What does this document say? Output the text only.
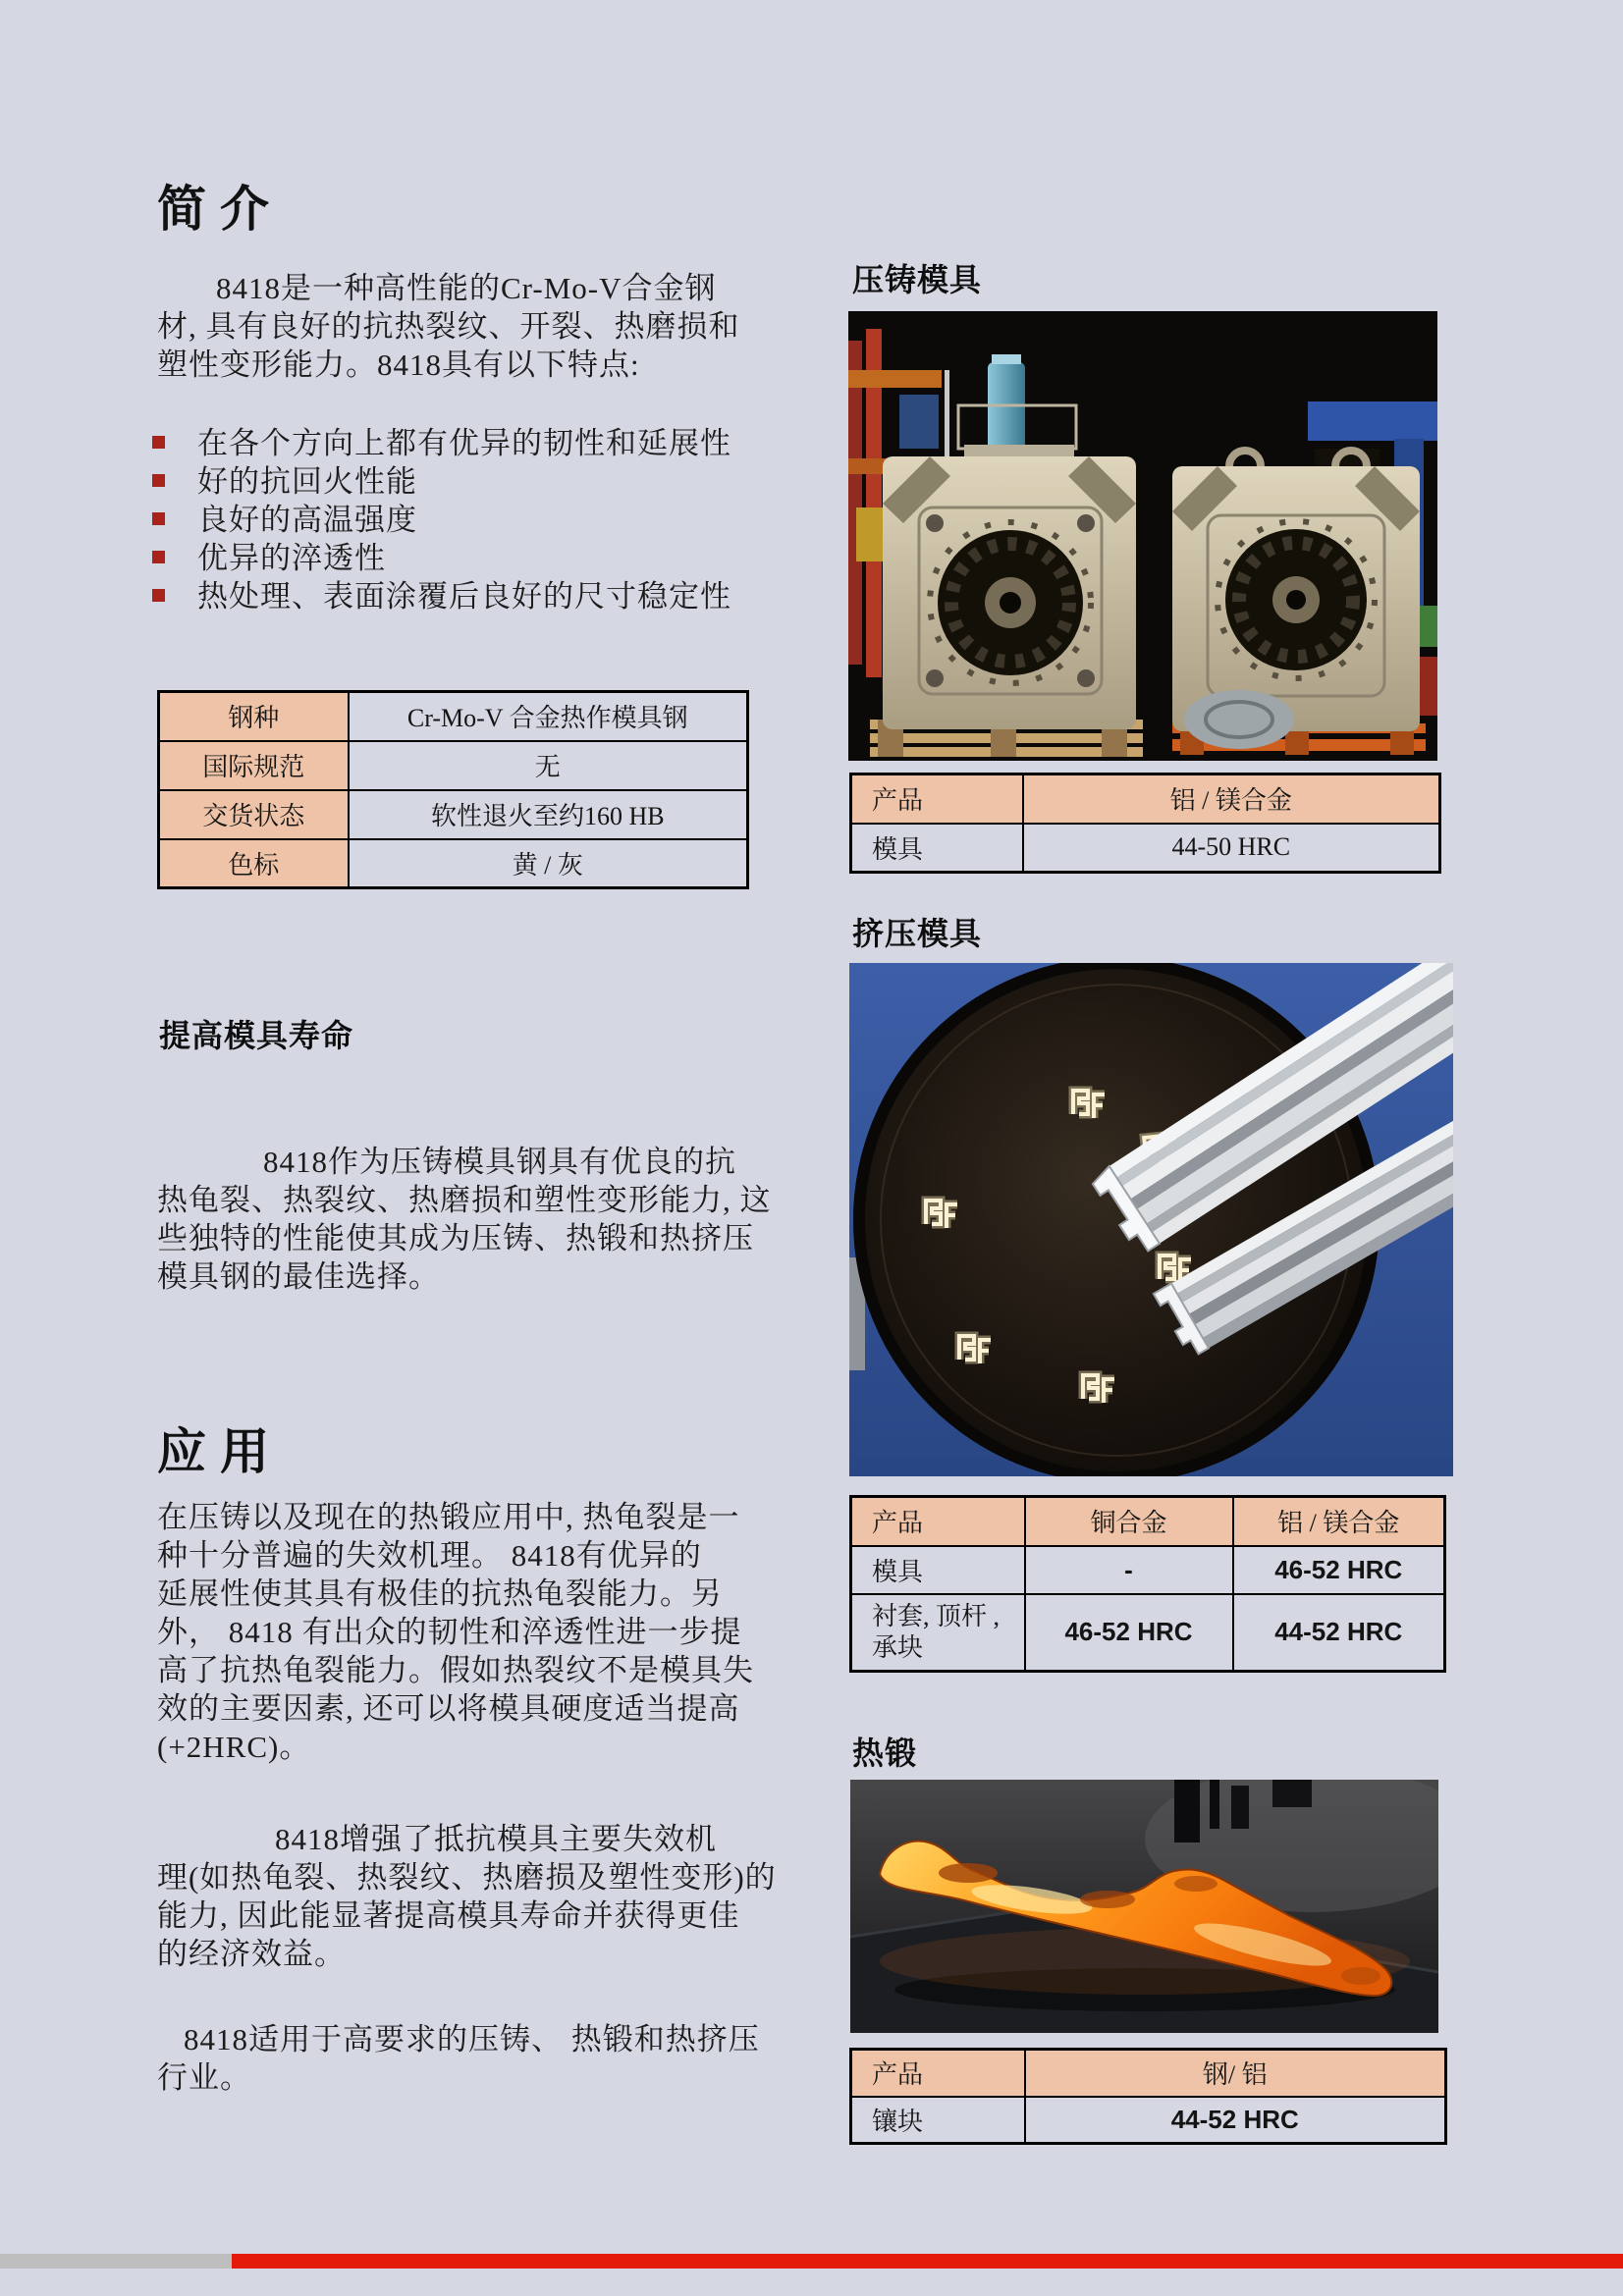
简介
8418是一种高性能的Cr-Mo-V合金钢
材, 具有良好的抗热裂纹、开裂、热磨损和
塑性变形能力。8418具有以下特点:
在各个方向上都有优异的韧性和延展性
好的抗回火性能
良好的高温强度
优异的淬透性
热处理、表面涂覆后良好的尺寸稳定性
钢种	Cr-Mo-V 合金热作模具钢
国际规范	无
交货状态	软性退火至约160 HB
色标	黄 / 灰
提高模具寿命
8418作为压铸模具钢具有优良的抗
热龟裂、热裂纹、热磨损和塑性变形能力, 这
些独特的性能使其成为压铸、热锻和热挤压
模具钢的最佳选择。
应用
在压铸以及现在的热锻应用中, 热龟裂是一
种十分普遍的失效机理。 8418有优异的
延展性使其具有极佳的抗热龟裂能力。另
外， 8418 有出众的韧性和淬透性进一步提
高了抗热龟裂能力。假如热裂纹不是模具失
效的主要因素, 还可以将模具硬度适当提高
(+2HRC)。
8418增强了抵抗模具主要失效机
理(如热龟裂、热裂纹、热磨损及塑性变形)的
能力, 因此能显著提高模具寿命并获得更佳
的经济效益。
8418适用于高要求的压铸、 热锻和热挤压
行业。
压铸模具
产品	铝 / 镁合金
模具	44-50 HRC
挤压模具
产品	铜合金	铝 / 镁合金
模具	-	46-52 HRC
衬套, 顶杆 , 承块	46-52 HRC	44-52 HRC
热锻
产品	钢/ 铝
镶块	44-52 HRC
